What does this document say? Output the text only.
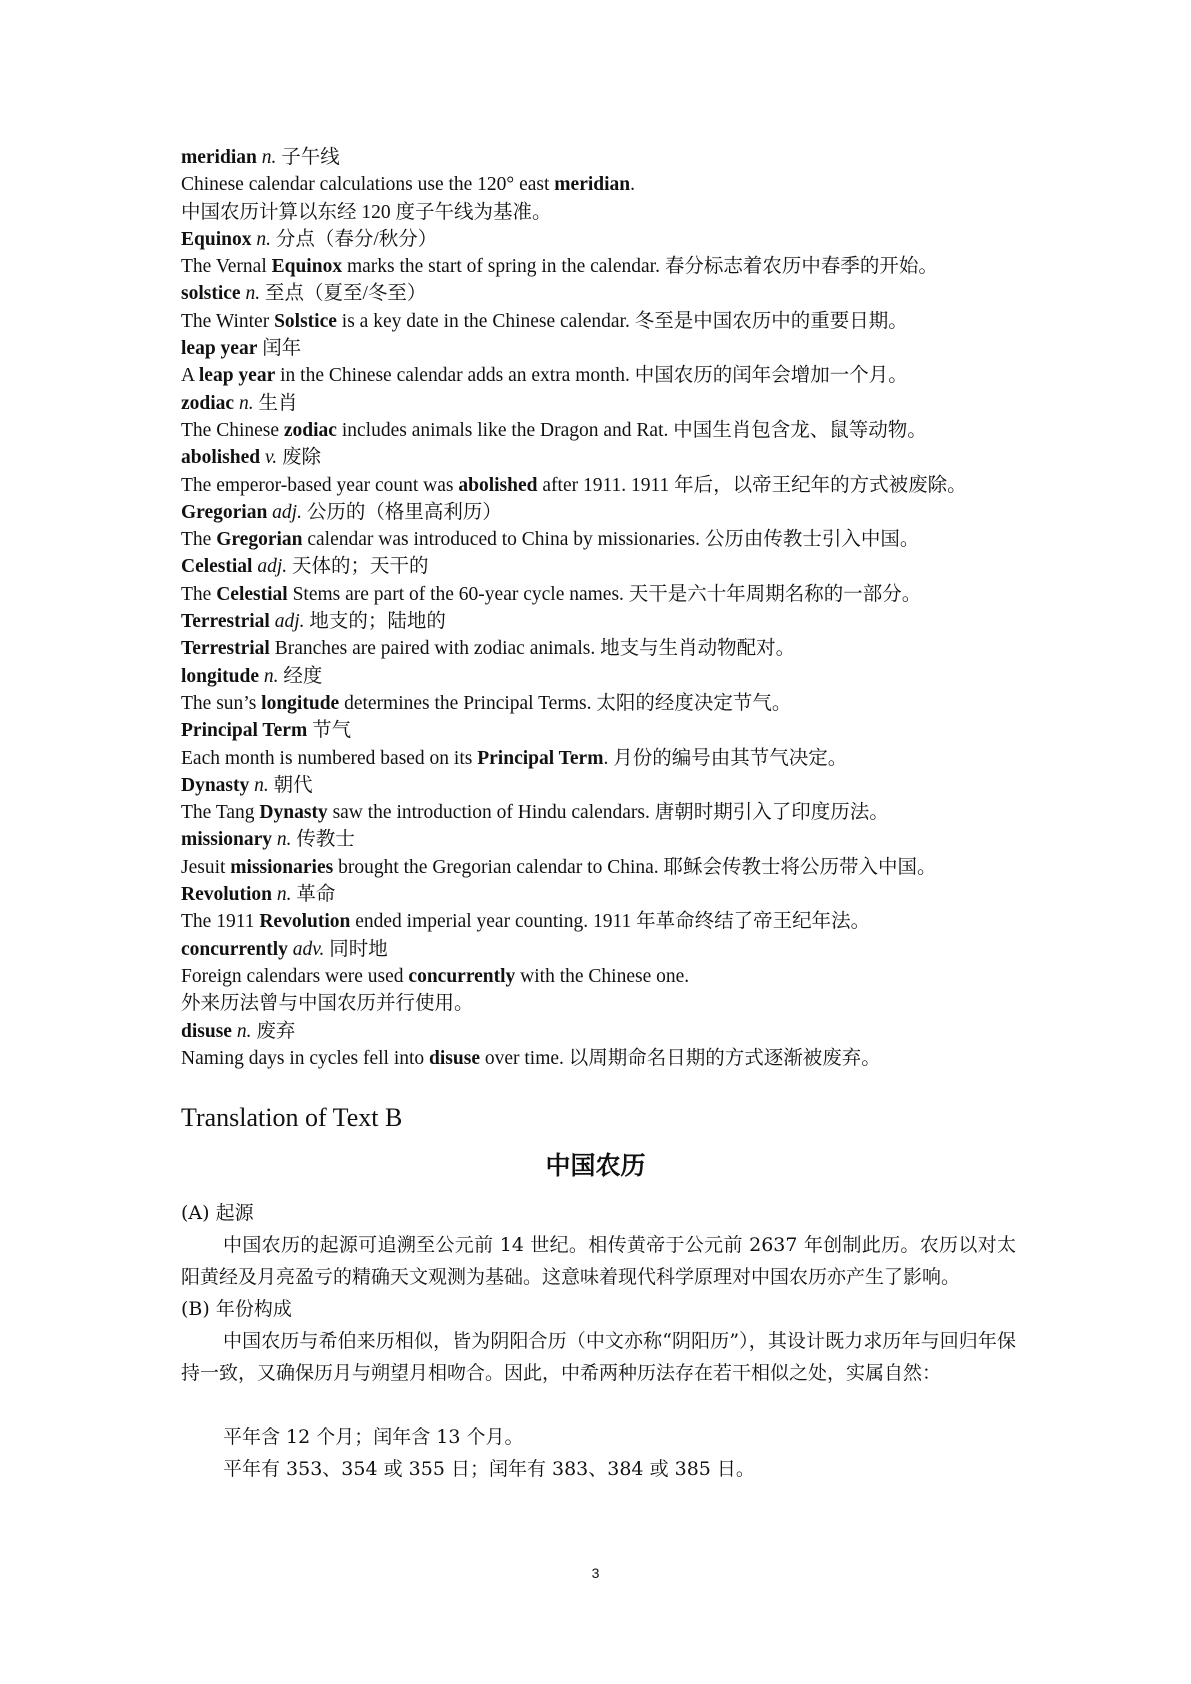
meridian n. 子午线
Chinese calendar calculations use the 120° east meridian.
中国农历计算以东经 120 度子午线为基准。
Equinox n. 分点（春分/秋分）
The Vernal Equinox marks the start of spring in the calendar. 春分标志着农历中春季的开始。
solstice n. 至点（夏至/冬至）
The Winter Solstice is a key date in the Chinese calendar. 冬至是中国农历中的重要日期。
leap year 闰年
A leap year in the Chinese calendar adds an extra month. 中国农历的闰年会增加一个月。
zodiac n. 生肖
The Chinese zodiac includes animals like the Dragon and Rat. 中国生肖包含龙、鼠等动物。
abolished v. 废除
The emperor-based year count was abolished after 1911. 1911 年后，以帝王纪年的方式被废除。
Gregorian adj. 公历的（格里高利历）
The Gregorian calendar was introduced to China by missionaries. 公历由传教士引入中国。
Celestial adj. 天体的；天干的
The Celestial Stems are part of the 60-year cycle names. 天干是六十年周期名称的一部分。
Terrestrial adj. 地支的；陆地的
Terrestrial Branches are paired with zodiac animals. 地支与生肖动物配对。
longitude n. 经度
The sun’s longitude determines the Principal Terms. 太阳的经度决定节气。
Principal Term 节气
Each month is numbered based on its Principal Term. 月份的编号由其节气决定。
Dynasty n. 朝代
The Tang Dynasty saw the introduction of Hindu calendars. 唐朝时期引入了印度历法。
missionary n. 传教士
Jesuit missionaries brought the Gregorian calendar to China. 耶稣会传教士将公历带入中国。
Revolution n. 革命
The 1911 Revolution ended imperial year counting. 1911 年革命终结了帝王纪年法。
concurrently adv. 同时地
Foreign calendars were used concurrently with the Chinese one.
外来历法曾与中国农历并行使用。
disuse n. 废弃
Naming days in cycles fell into disuse over time. 以周期命名日期的方式逐渐被废弃。
Translation of Text B
中国农历
(A) 起源
中国农历的起源可追溯至公元前 14 世纪。相传黄帝于公元前 2637 年创制此历。农历以对太阳黄经及月亮盈亏的精确天文观测为基础。这意味着现代科学原理对中国农历亦产生了影响。
(B) 年份构成
中国农历与希伯来历相似，皆为阴阳合历（中文亦称“阴阳历”），其设计既力求历年与回归年保持一致，又确保历月与朔望月相吻合。因此，中希两种历法存在若干相似之处，实属自然：
平年含 12 个月；闰年含 13 个月。
平年有 353、354 或 355 日；闰年有 383、384 或 385 日。
3
